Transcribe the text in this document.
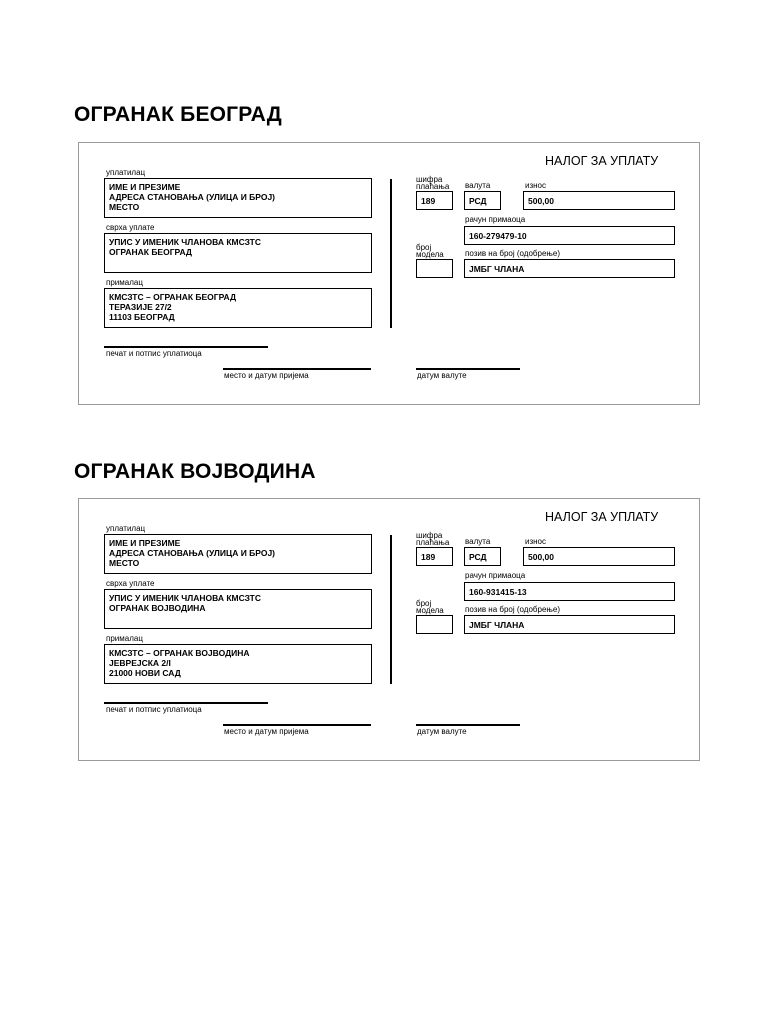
ОГРАНАК БЕОГРАД
НАЛОГ ЗА УПЛАТУ
уплатилац
ИМЕ И ПРЕЗИМЕ
АДРЕСА СТАНОВАЊА (УЛИЦА И БРОЈ)
МЕСТО
сврха уплате
УПИС У ИМЕНИК ЧЛАНОВА КМСЗТС
ОГРАНАК БЕОГРАД
прималац
КМСЗТС – ОГРАНАК БЕОГРАД
ТЕРАЗИЈЕ 27/2
11103 БЕОГРАД
печат и потпис уплатиоца
место и датум пријема	датум валуте
шифра
плаћања валута	износ
189	РСД	500,00
рачун примаоца
160-279479-10
број
модела	позив на број (одобрење)
ЈМБГ ЧЛАНА
ОГРАНАК ВОЈВОДИНА
НАЛОГ ЗА УПЛАТУ
уплатилац
ИМЕ И ПРЕЗИМЕ
АДРЕСА СТАНОВАЊА (УЛИЦА И БРОЈ)
МЕСТО
сврха уплате
УПИС У ИМЕНИК ЧЛАНОВА КМСЗТС
ОГРАНАК ВОЈВОДИНА
прималац
КМСЗТС – ОГРАНАК ВОЈВОДИНА
ЈЕВРЕЈСКА 2/I
21000 НОВИ САД
печат и потпис уплатиоца
место и датум пријема	датум валуте
шифра
плаћања валута	износ
189	РСД	500,00
рачун примаоца
160-931415-13
број
модела	позив на број (одобрење)
ЈМБГ ЧЛАНА
